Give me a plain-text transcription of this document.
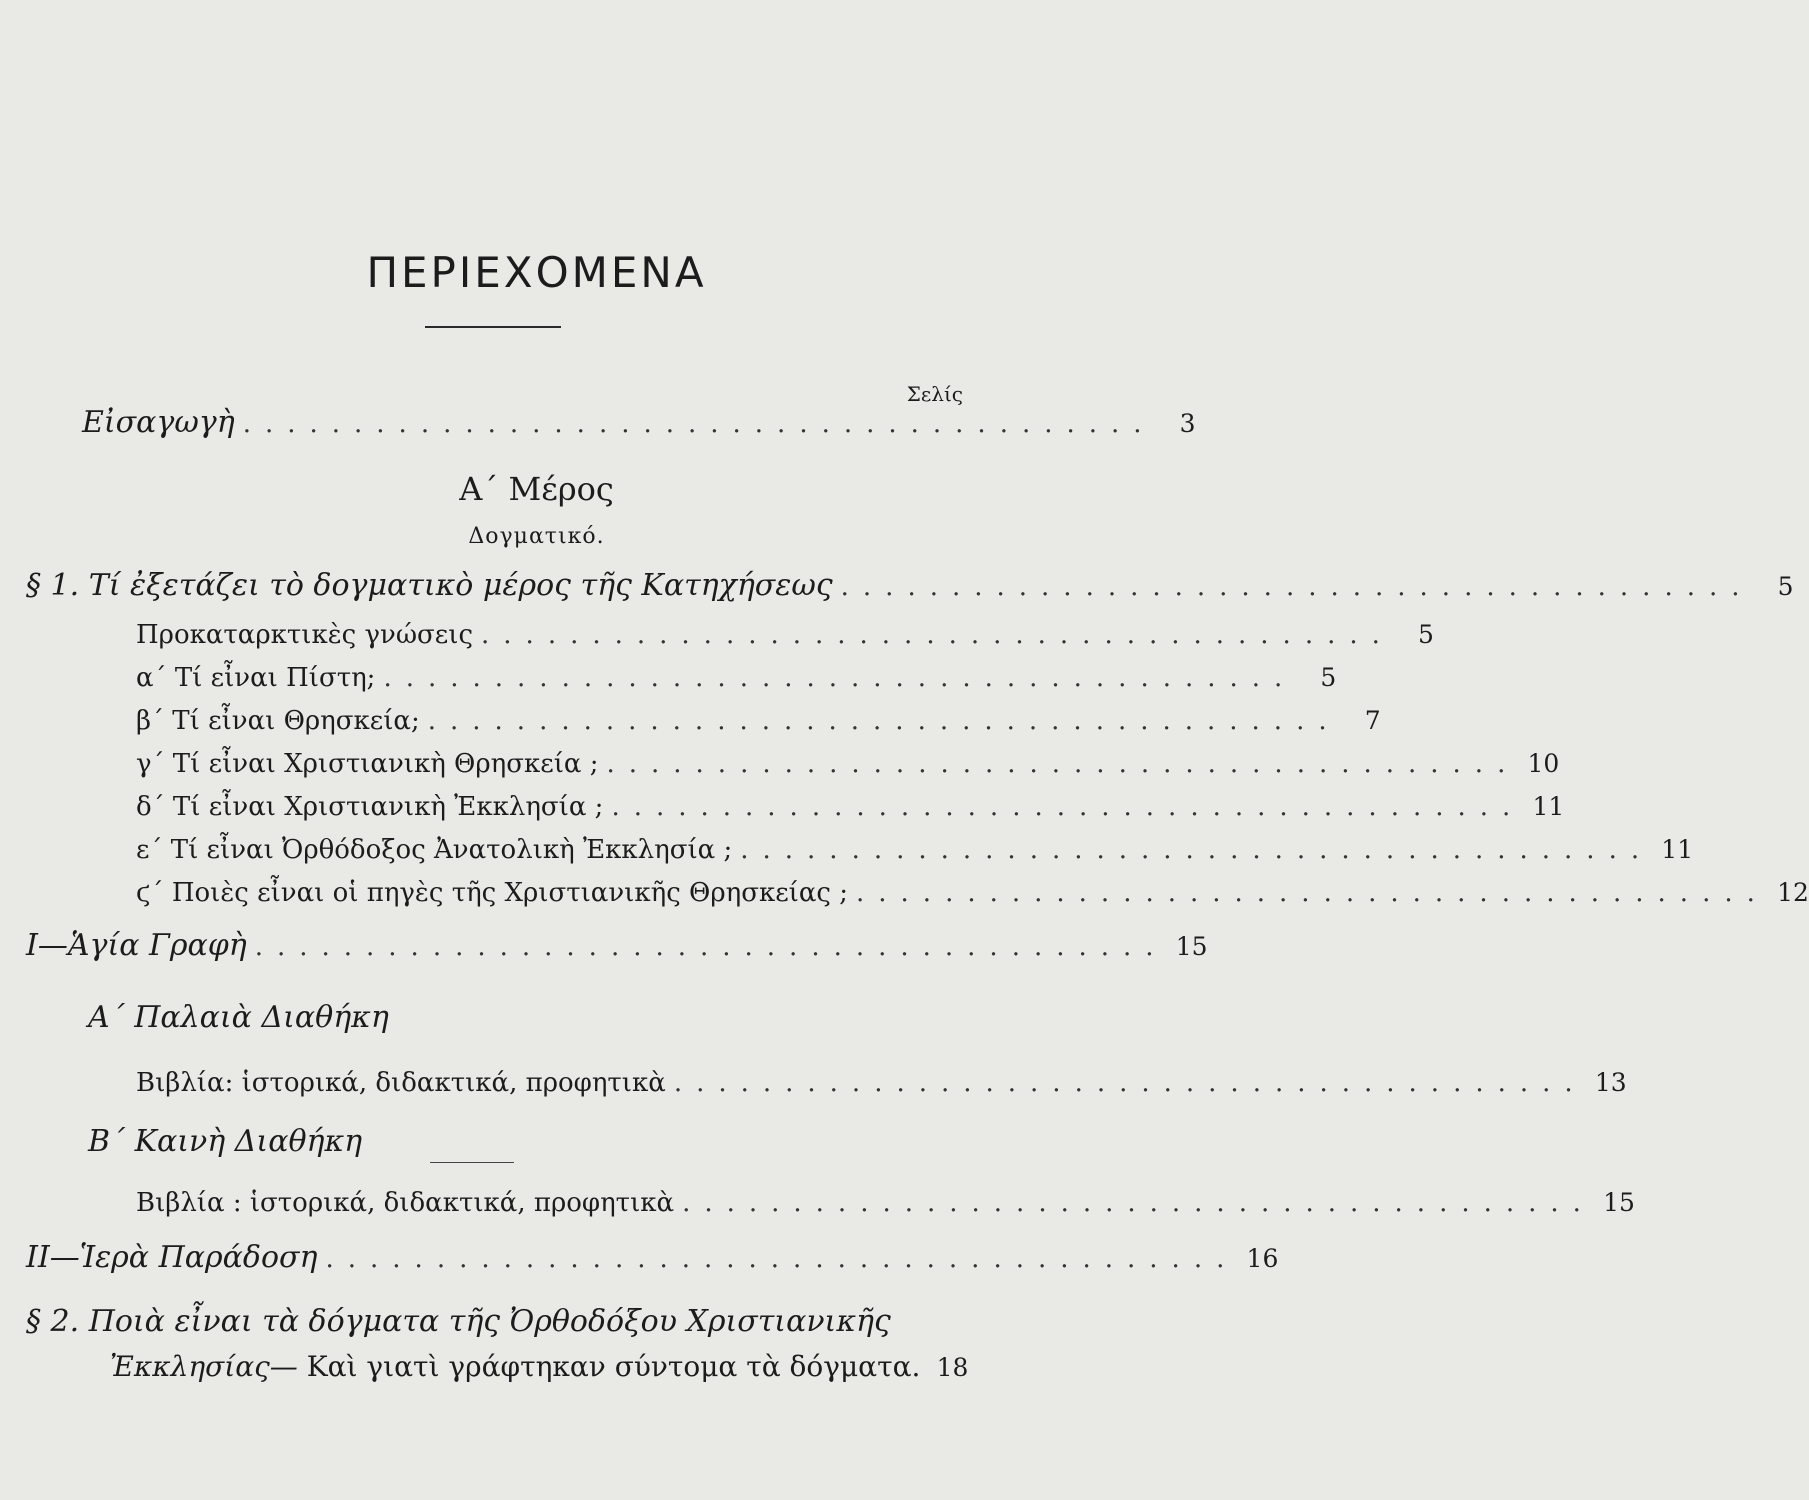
ΠΕΡΙΕΧΟΜΕΝΑ
Σελίς
Εἰσαγωγὴ ......................................... 3
Α΄ Μέρος
Δογματικό.
§ 1. Τί ἐξετάζει τὸ δογματικὸ μέρος τῆς Κατηχήσεως ......................................... 5
Προκαταρκτικὲς γνώσεις ......................................... 5
α΄ Τί εἶναι Πίστη; ......................................... 5
β΄ Τί εἶναι Θρησκεία; ......................................... 7
γ΄ Τί εἶναι Χριστιανικὴ Θρησκεία ; ......................................... 10
δ΄ Τί εἶναι Χριστιανικὴ Ἐκκλησία ; ......................................... 11
ε΄ Τί εἶναι Ὀρθόδοξος Ἀνατολικὴ Ἐκκλησία ; ......................................... 11
ϛ΄ Ποιὲς εἶναι οἱ πηγὲς τῆς Χριστιανικῆς Θρησκείας ; ......................................... 12
I—Ἁγία Γραφὴ ......................................... 15
Α΄ Παλαιὰ Διαθήκη
Βιβλία: ἱστορικά, διδακτικά, προφητικὰ ......................................... 13
Β΄ Καινὴ Διαθήκη
Βιβλία : ἱστορικά, διδακτικά, προφητικὰ ......................................... 15
II—Ἱερὰ Παράδοση ......................................... 16
§ 2. Ποιὰ εἶναι τὰ δόγματα τῆς Ὀρθοδόξου Χριστιανικῆς
Ἐκκλησίας— Καὶ γιατὶ γράφτηκαν σύντομα τὰ δόγματα. 18
